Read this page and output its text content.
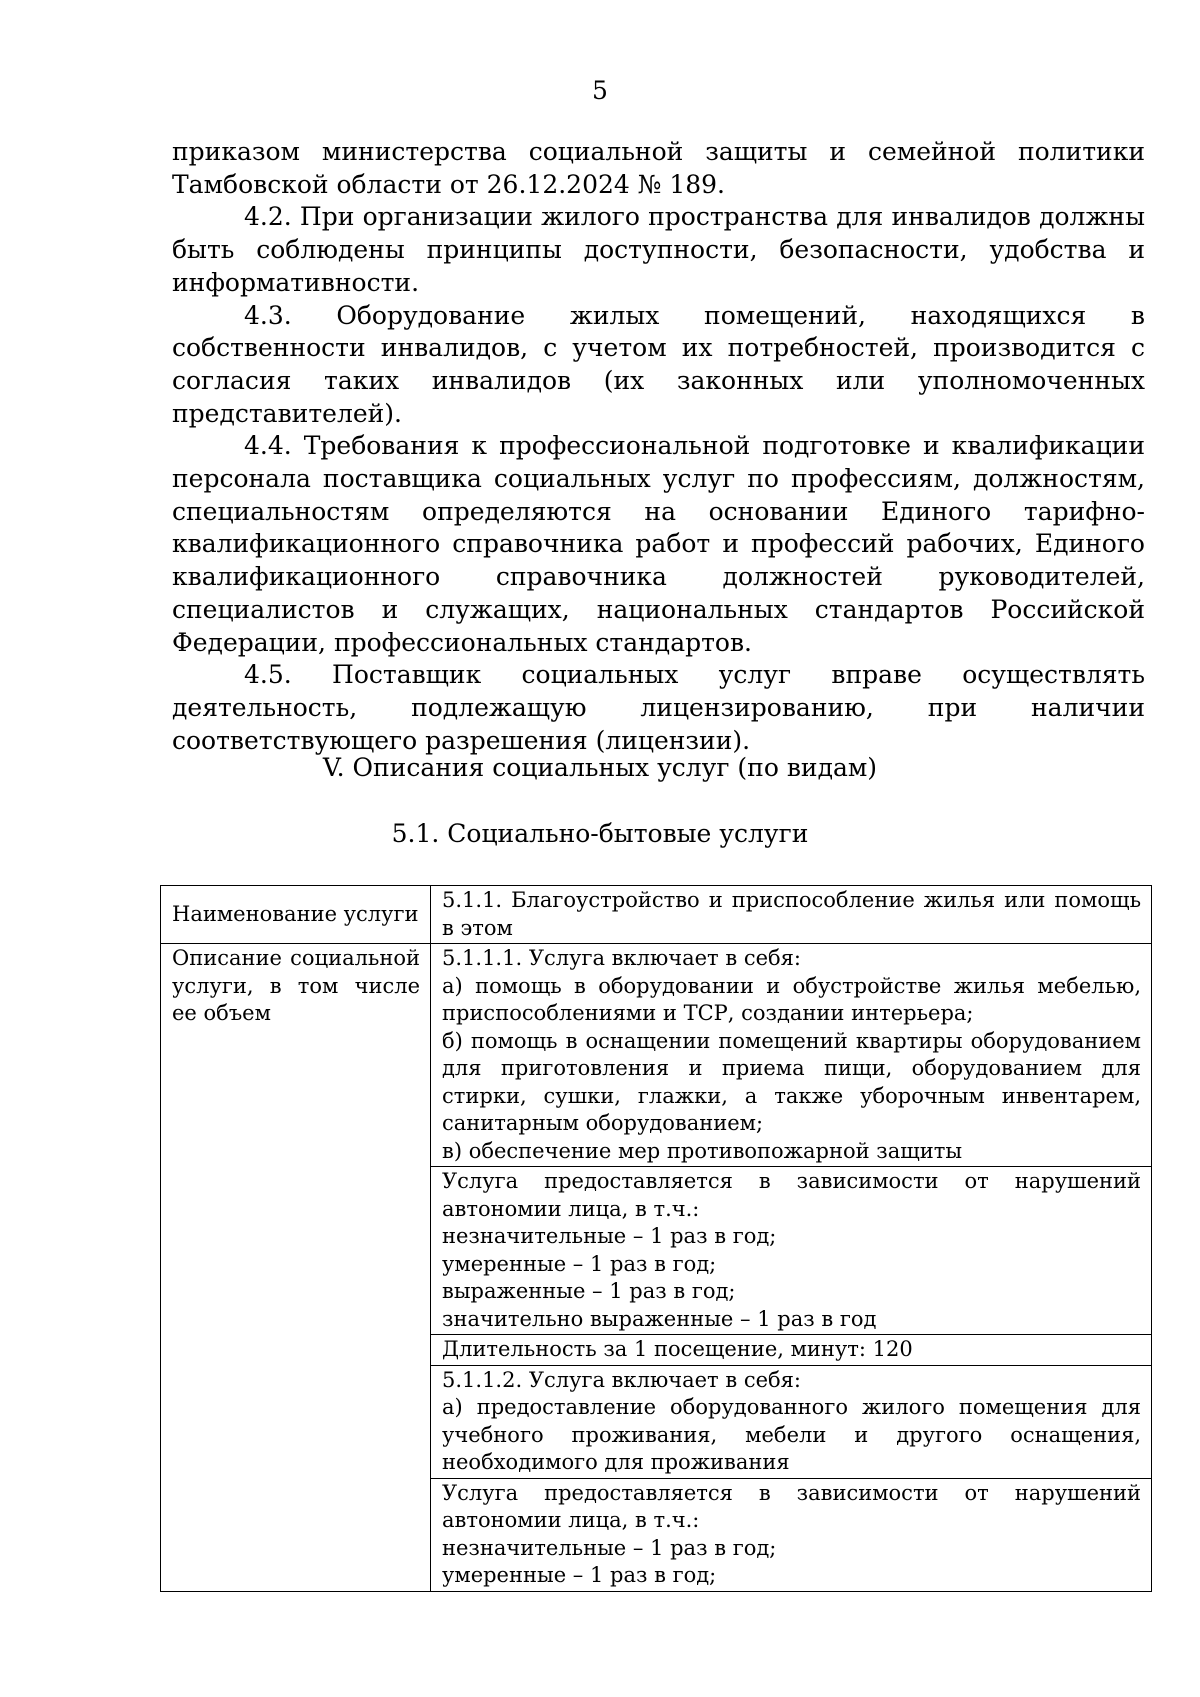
5

приказом министерства социальной защиты и семейной политики Тамбовской области от 26.12.2024 № 189.

4.2. При организации жилого пространства для инвалидов должны быть соблюдены принципы доступности, безопасности, удобства и информативности.

4.3. Оборудование жилых помещений, находящихся в собственности инвалидов, с учетом их потребностей, производится с согласия таких инвалидов (их законных или уполномоченных представителей).

4.4. Требования к профессиональной подготовке и квалификации персонала поставщика социальных услуг по профессиям, должностям, специальностям определяются на основании Единого тарифно-квалификационного справочника работ и профессий рабочих, Единого квалификационного справочника должностей руководителей, специалистов и служащих, национальных стандартов Российской Федерации, профессиональных стандартов.

4.5. Поставщик социальных услуг вправе осуществлять деятельность, подлежащую лицензированию, при наличии соответствующего разрешения (лицензии).

V. Описания социальных услуг (по видам)
5.1. Социально-бытовые услуги
Наименование услуги	5.1.1. Благоустройство и приспособление жилья или помощь в этом
Описание социальной услуги, в том числе ее объем	5.1.1.1. Услуга включает в себя:
а) помощь в оборудовании и обустройстве жилья мебелью, приспособлениями и ТСР, создании интерьера;
б) помощь в оснащении помещений квартиры оборудованием для приготовления и приема пищи, оборудованием для стирки, сушки, глажки, а также уборочным инвентарем, санитарным оборудованием;
в) обеспечение мер противопожарной защиты

	Услуга предоставляется в зависимости от нарушений автономии лица, в т.ч.:
незначительные – 1 раз в год;
умеренные – 1 раз в год;
выраженные – 1 раз в год;
значительно выраженные – 1 раз в год

	Длительность за 1 посещение, минут: 120

	5.1.1.2. Услуга включает в себя:
а) предоставление оборудованного жилого помещения для учебного проживания, мебели и другого оснащения, необходимого для проживания

	Услуга предоставляется в зависимости от нарушений автономии лица, в т.ч.:
незначительные – 1 раз в год;
умеренные – 1 раз в год;
